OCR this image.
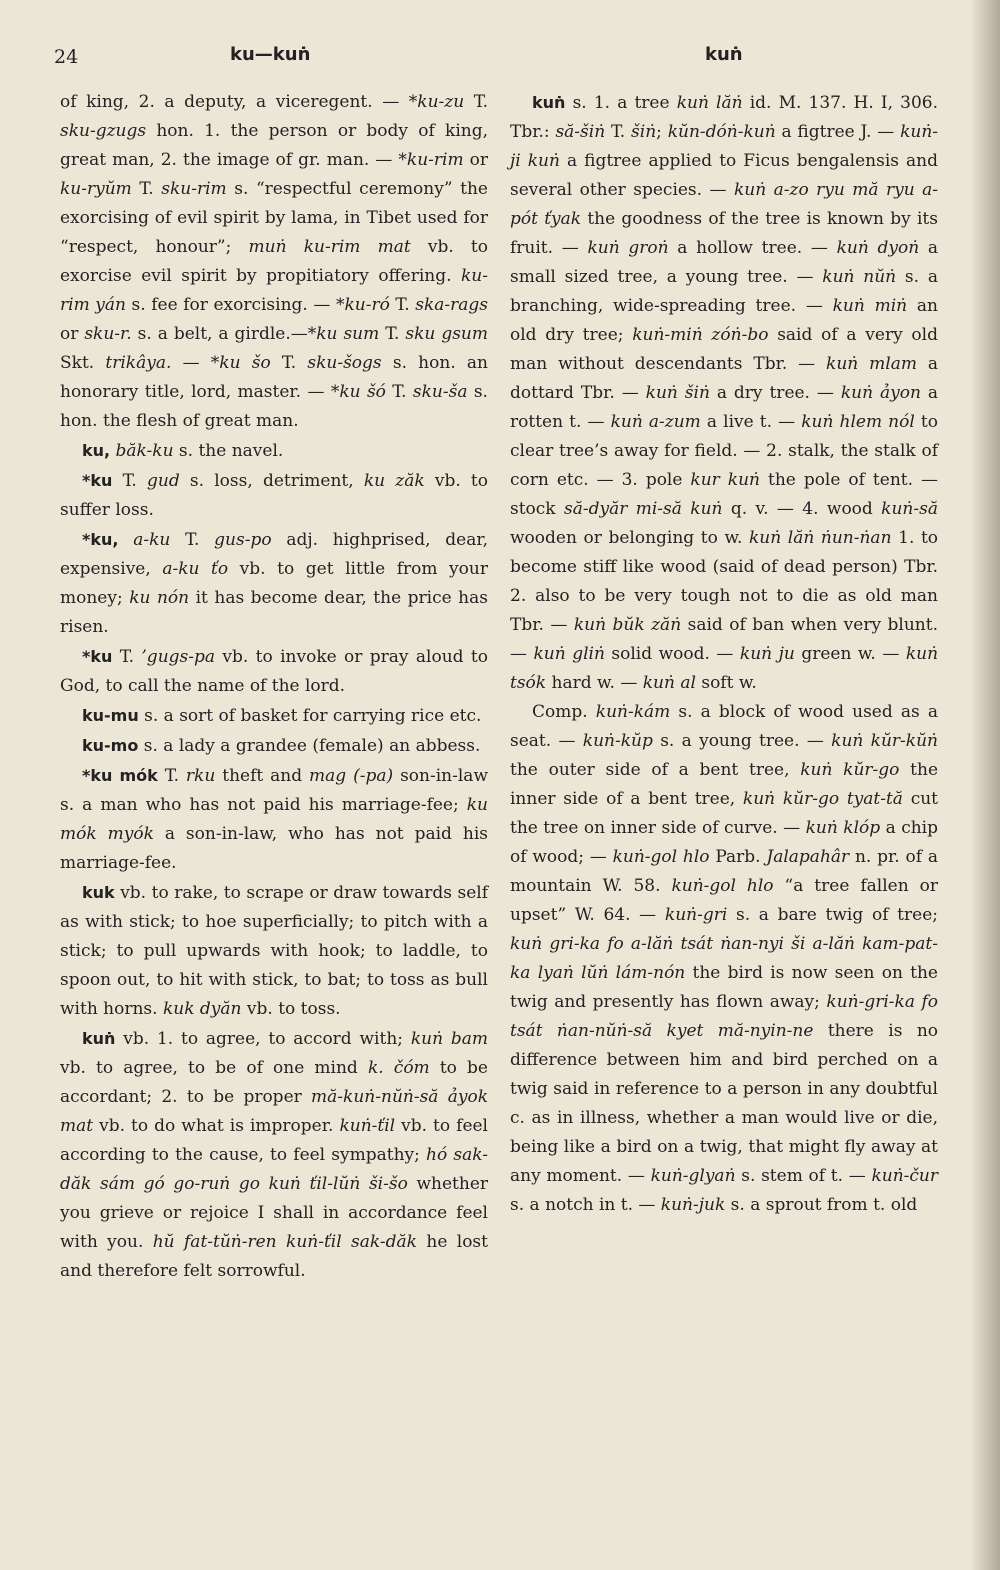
24	ku—kuṅ	kuṅ

of king, 2. a deputy, a viceregent. — *ku-zu T. sku-gzugs hon. 1. the person or body of king, great man, 2. the image of gr. man. — *ku-rim or ku-ryŭm T. sku-rim s. “respectful ceremony” the exorcising of evil spirit by lama, in Tibet used for “respect, honour”; muṅ ku-rim mat vb. to exorcise evil spirit by propitiatory offering. ku-rim yán s. fee for exorcising. — *ku-ró T. ska-rags or sku-r. s. a belt, a girdle.—*ku sum T. sku gsum Skt. trikâya. — *ku šo T. sku-šogs s. hon. an honorary title, lord, master. — *ku šó T. sku-ša s. hon. the flesh of great man.

ku, băk-ku s. the navel.

*ku T. gud s. loss, detriment, ku zăk vb. to suffer loss.

*ku, a-ku T. gus-po adj. highprised, dear, expensive, a-ku ťo vb. to get little from your money; ku nón it has become dear, the price has risen.

*ku T. ’gugs-pa vb. to invoke or pray aloud to God, to call the name of the lord.

ku-mu s. a sort of basket for carrying rice etc.

ku-mo s. a lady a grandee (female) an abbess.

*ku mók T. rku theft and mag (-pa) son-in-law s. a man who has not paid his marriage-fee; ku mók myók a son-in-law, who has not paid his marriage-fee.

kuk vb. to rake, to scrape or draw towards self as with stick; to hoe superficially; to pitch with a stick; to pull upwards with hook; to laddle, to spoon out, to hit with stick, to bat; to toss as bull with horns. kuk dyăn vb. to toss.

kuṅ vb. 1. to agree, to accord with; kuṅ bam vb. to agree, to be of one mind k. čóm to be accordant; 2. to be proper mă-kuṅ-nŭṅ-să ảyok mat vb. to do what is improper. kuṅ-ťil vb. to feel according to the cause, to feel sympathy; hó sak-dăk sám gó go-ruṅ go kuṅ ťil-lŭṅ ši-šo whether you grieve or rejoice I shall in accordance feel with you. hŭ fat-tŭṅ-ren kuṅ-ťil sak-dăk he lost and therefore felt sorrowful.

kuṅ s. 1. a tree kuṅ lăṅ id. M. 137. H. I, 306. Tbr.: să-šiṅ T. šiṅ; kŭn-dóṅ-kuṅ a figtree J. — kuṅ-ji kuṅ a figtree applied to Ficus bengalensis and several other species. — kuṅ a-zo ryu mă ryu a-pót ťyak the goodness of the tree is known by its fruit. — kuṅ groṅ a hollow tree. — kuṅ dyoṅ a small sized tree, a young tree. — kuṅ nŭṅ s. a branching, wide-spreading tree. — kuṅ miṅ an old dry tree; kuṅ-miṅ zóṅ-bo said of a very old man without descendants Tbr. — kuṅ mlam a dottard Tbr. — kuṅ šiṅ a dry tree. — kuṅ ảyon a rotten t. — kuṅ a-zum a live t. — kuṅ hlem nól to clear tree’s away for field. — 2. stalk, the stalk of corn etc. — 3. pole kur kuṅ the pole of tent. — stock să-dyăr mi-să kuṅ q. v. — 4. wood kuṅ-să wooden or belonging to w. kuṅ lăṅ ṅun-ṅan 1. to become stiff like wood (said of dead person) Tbr. 2. also to be very tough not to die as old man Tbr. — kuṅ bŭk zăṅ said of ban when very blunt. — kuṅ gliṅ solid wood. — kuṅ ju green w. — kuṅ tsók hard w. — kuṅ al soft w.

Comp. kuṅ-kám s. a block of wood used as a seat. — kuṅ-kŭp s. a young tree. — kuṅ kŭr-kŭṅ the outer side of a bent tree, kuṅ kŭr-go the inner side of a bent tree, kuṅ kŭr-go tyat-tă cut the tree on inner side of curve. — kuṅ klóp a chip of wood; — kuṅ-gol hlo Parb. Jalapahâr n. pr. of a mountain W. 58. kuṅ-gol hlo “a tree fallen or upset” W. 64. — kuṅ-gri s. a bare twig of tree; kuṅ gri-ka fo a-lăṅ tsát ṅan-nyi ši a-lăṅ kam-pat-ka lyaṅ lŭṅ lám-nón the bird is now seen on the twig and presently has flown away; kuṅ-gri-ka fo tsát ṅan-nŭṅ-să kyet mă-nyin-ne there is no difference between him and bird perched on a twig said in reference to a person in any doubtful c. as in illness, whether a man would live or die, being like a bird on a twig, that might fly away at any moment. — kuṅ-glyaṅ s. stem of t. — kuṅ-čur s. a notch in t. — kuṅ-juk s. a sprout from t. old
